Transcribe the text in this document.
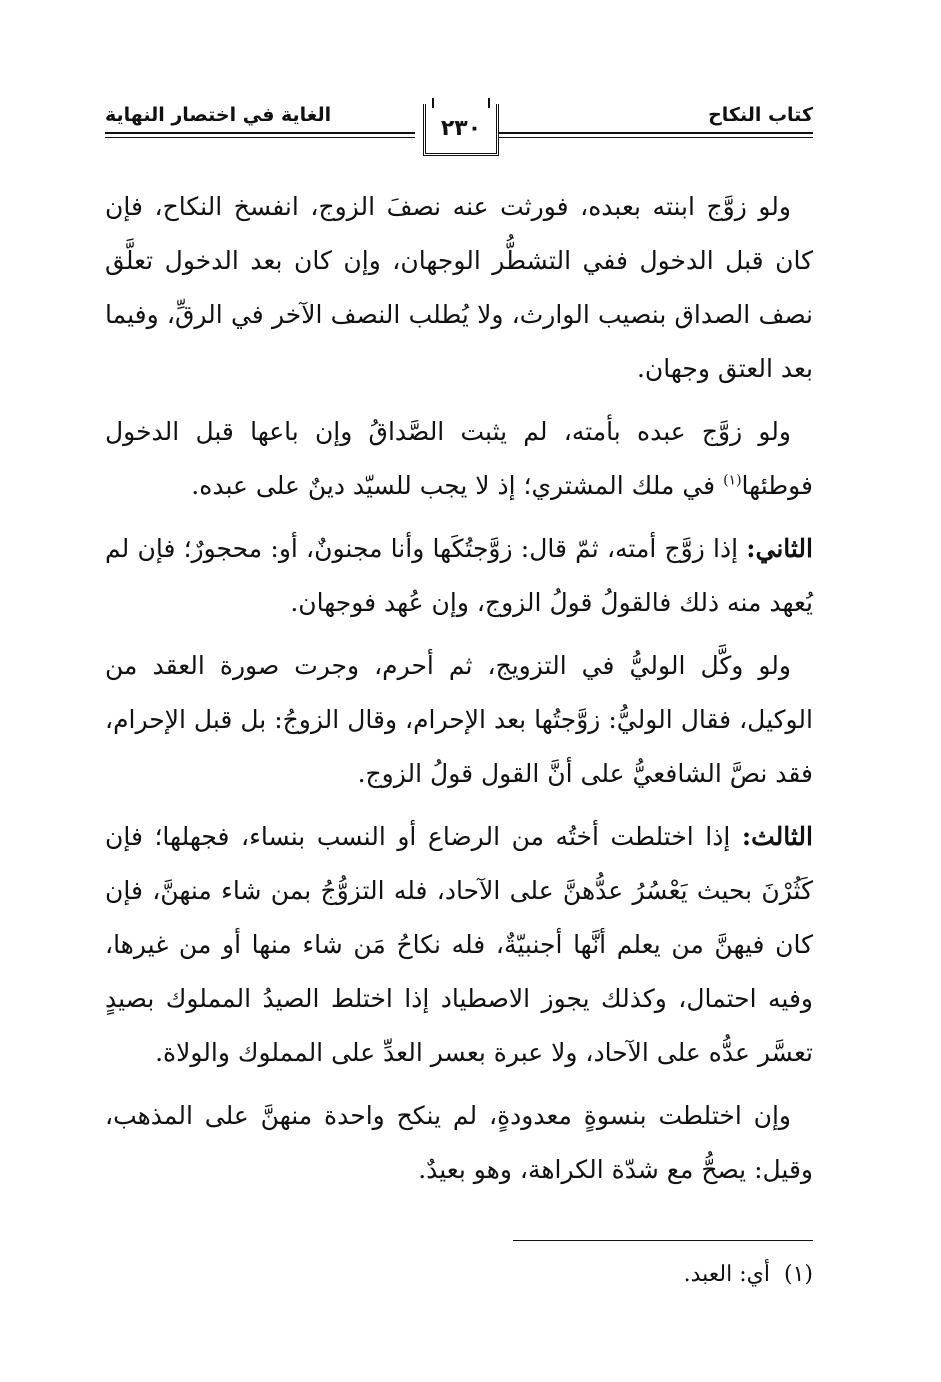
كتاب النكاح
الغاية في اختصار النهاية
٢٣٠

ولو زوَّج ابنته بعبده، فورثت عنه نصفَ الزوج، انفسخ النكاح، فإن كان قبل الدخول ففي التشطُّر الوجهان، وإن كان بعد الدخول تعلَّق نصف الصداق بنصيب الوارث، ولا يُطلب النصف الآخر في الرقِّ، وفيما بعد العتق وجهان.

ولو زوَّج عبده بأمته، لم يثبت الصَّداقُ وإن باعها قبل الدخول فوطئها$^{(١)}$ في ملك المشتري؛ إذ لا يجب للسيّد دينٌ على عبده.

الثاني: إذا زوَّج أمته، ثمّ قال: زوَّجتُكَها وأنا مجنونٌ، أو: محجورٌ؛ فإن لم يُعهد منه ذلك فالقولُ قولُ الزوج، وإن عُهد فوجهان.

ولو وكَّل الوليُّ في التزويج، ثم أحرم، وجرت صورة العقد من الوكيل، فقال الوليُّ: زوَّجتُها بعد الإحرام، وقال الزوجُ: بل قبل الإحرام، فقد نصَّ الشافعيُّ على أنَّ القول قولُ الزوج.

الثالث: إذا اختلطت أختُه من الرضاع أو النسب بنساء، فجهلها؛ فإن كَثُرْنَ بحيث يَعْسُرُ عدُّهنَّ على الآحاد، فله التزوُّجُ بمن شاء منهنَّ، فإن كان فيهنَّ من يعلم أنَّها أجنبيّةٌ، فله نكاحُ مَن شاء منها أو من غيرها، وفيه احتمال، وكذلك يجوز الاصطياد إذا اختلط الصيدُ المملوك بصيدٍ تعسَّر عدُّه على الآحاد، ولا عبرة بعسر العدِّ على المملوك والولاة.

وإن اختلطت بنسوةٍ معدودةٍ، لم ينكح واحدة منهنَّ على المذهب، وقيل: يصحُّ مع شدّة الكراهة، وهو بعيدٌ.

(١)أي: العبد.
